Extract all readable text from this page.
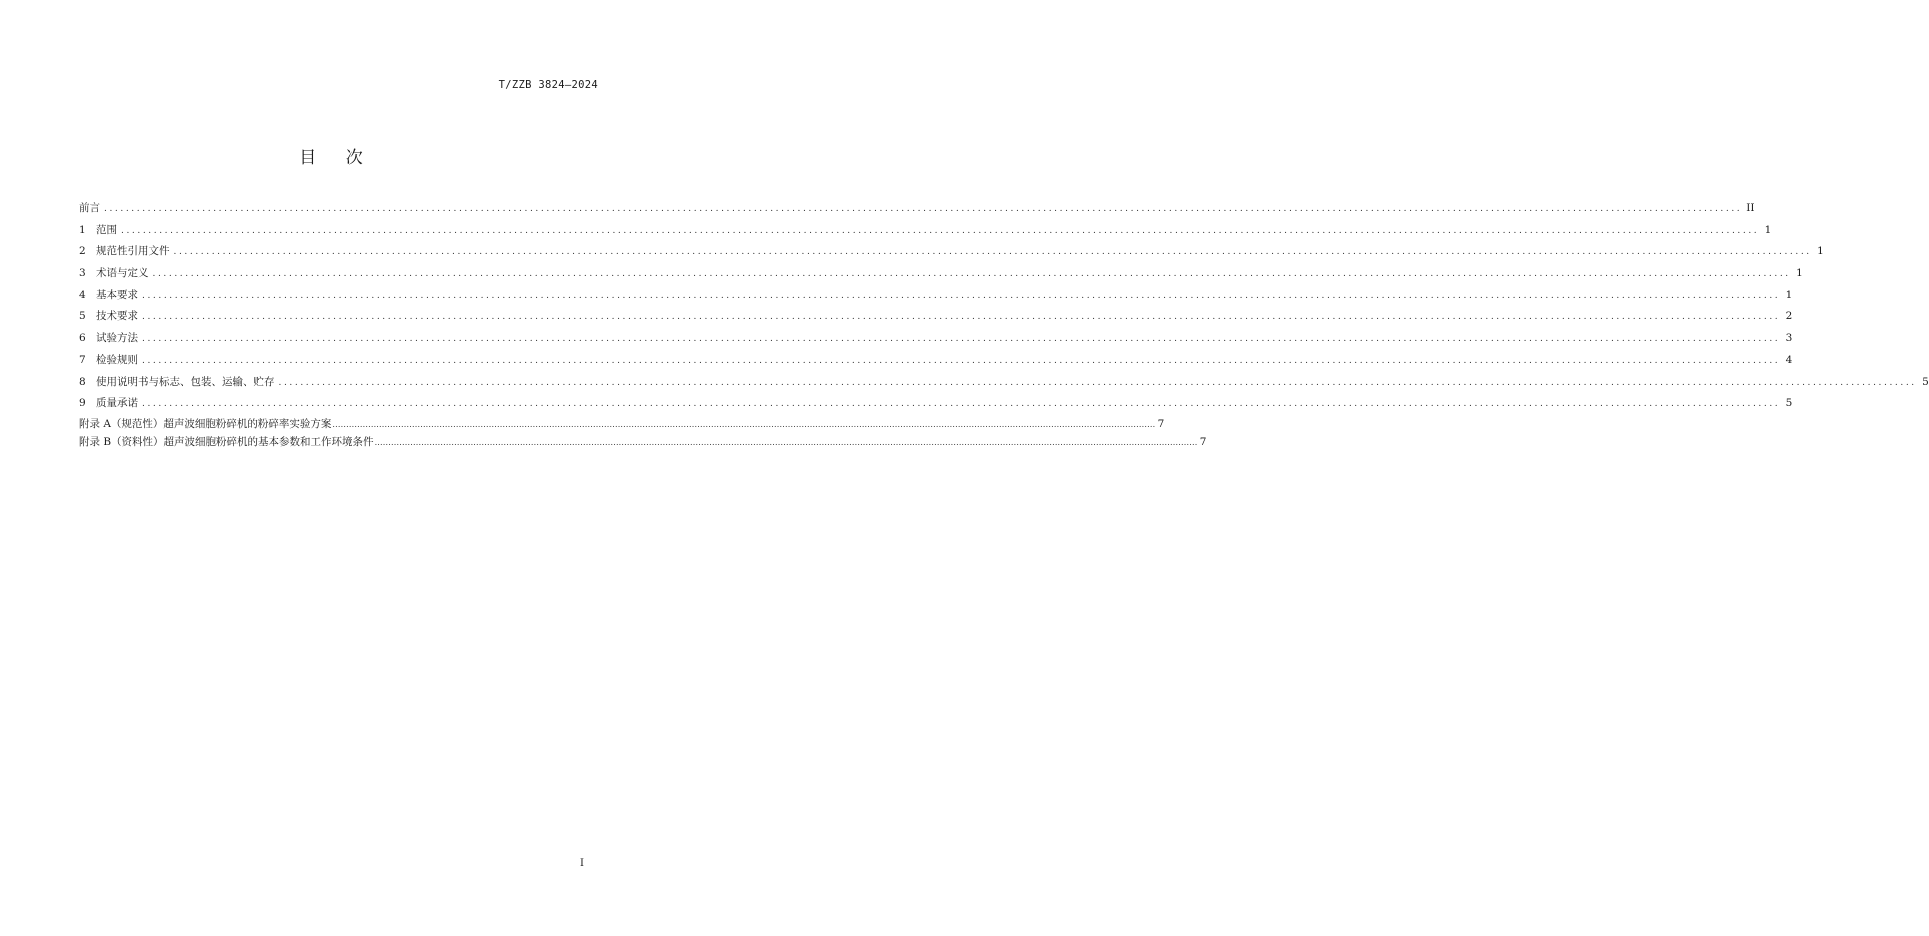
T/ZZB 3824—2024
目 次
前言 ............................................................................................................................................................................................................................................................................................................ II
1 范围 ............................................................................................................................................................................................................................................................................................................ 1
2 规范性引用文件 ............................................................................................................................................................................................................................................................................................................ 1
3 术语与定义 ............................................................................................................................................................................................................................................................................................................ 1
4 基本要求 ............................................................................................................................................................................................................................................................................................................ 1
5 技术要求 ............................................................................................................................................................................................................................................................................................................ 2
6 试验方法 ............................................................................................................................................................................................................................................................................................................ 3
7 检验规则 ............................................................................................................................................................................................................................................................................................................ 4
8 使用说明书与标志、包装、运输、贮存 ............................................................................................................................................................................................................................................................................................................ 5
9 质量承诺 ............................................................................................................................................................................................................................................................................................................ 5
附录 A（规范性）超声波细胞粉碎机的粉碎率实验方案 ............................................................................................................................................................................................................................................................................................................ 7
附录 B（资料性）超声波细胞粉碎机的基本参数和工作环境条件 ............................................................................................................................................................................................................................................................................................................ 7
I
